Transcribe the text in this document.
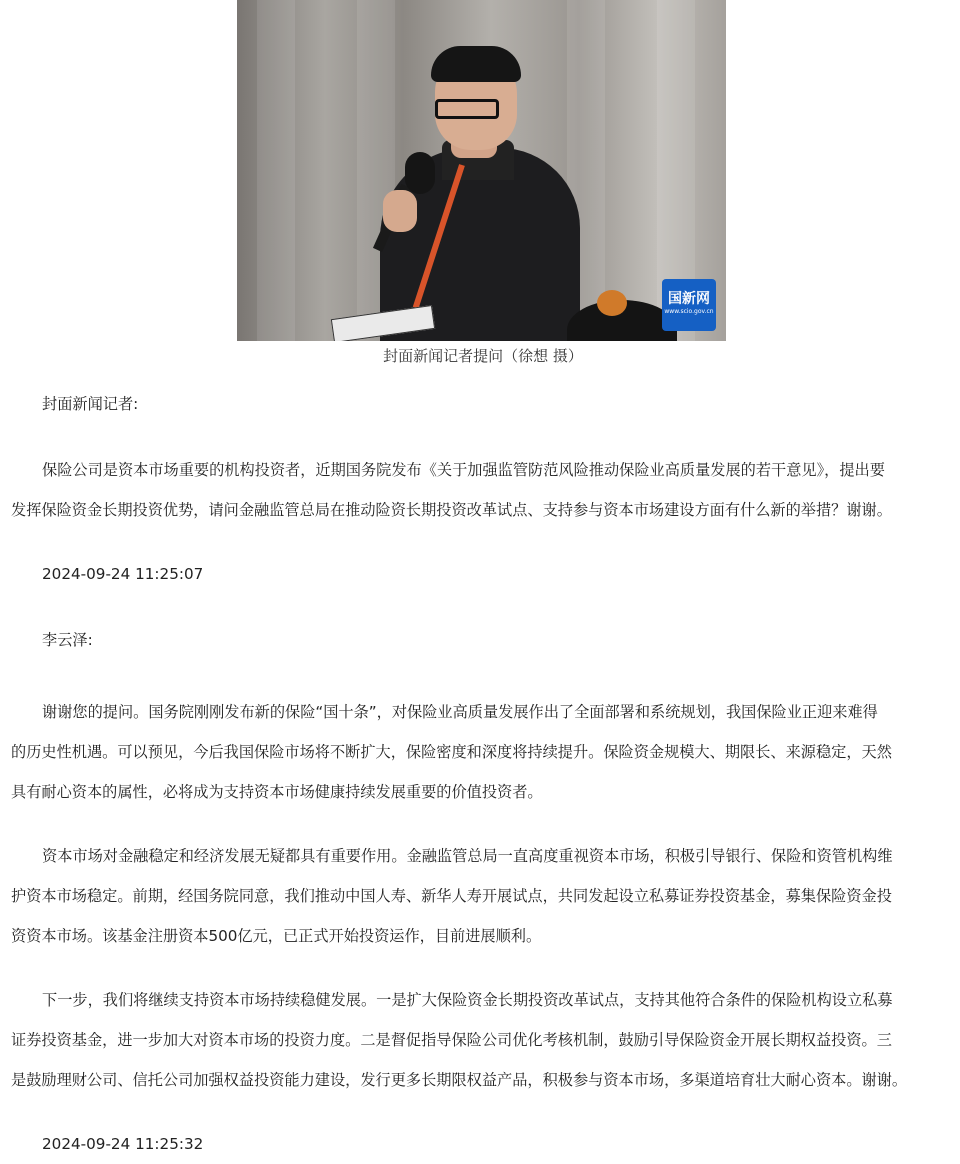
国新网
www.scio.gov.cn
封面新闻记者提问（徐想 摄）
封面新闻记者:
保险公司是资本市场重要的机构投资者，近期国务院发布《关于加强监管防范风险推动保险业高质量发展的若干意见》，提出要
发挥保险资金长期投资优势，请问金融监管总局在推动险资长期投资改革试点、支持参与资本市场建设方面有什么新的举措？谢谢。
2024-09-24 11:25:07
李云泽:
谢谢您的提问。国务院刚刚发布新的保险“国十条”，对保险业高质量发展作出了全面部署和系统规划，我国保险业正迎来难得
的历史性机遇。可以预见，今后我国保险市场将不断扩大，保险密度和深度将持续提升。保险资金规模大、期限长、来源稳定，天然
具有耐心资本的属性，必将成为支持资本市场健康持续发展重要的价值投资者。
资本市场对金融稳定和经济发展无疑都具有重要作用。金融监管总局一直高度重视资本市场，积极引导银行、保险和资管机构维
护资本市场稳定。前期，经国务院同意，我们推动中国人寿、新华人寿开展试点，共同发起设立私募证券投资基金，募集保险资金投
资资本市场。该基金注册资本500亿元，已正式开始投资运作，目前进展顺利。
下一步，我们将继续支持资本市场持续稳健发展。一是扩大保险资金长期投资改革试点，支持其他符合条件的保险机构设立私募
证券投资基金，进一步加大对资本市场的投资力度。二是督促指导保险公司优化考核机制，鼓励引导保险资金开展长期权益投资。三
是鼓励理财公司、信托公司加强权益投资能力建设，发行更多长期限权益产品，积极参与资本市场，多渠道培育壮大耐心资本。谢谢。
2024-09-24 11:25:32
